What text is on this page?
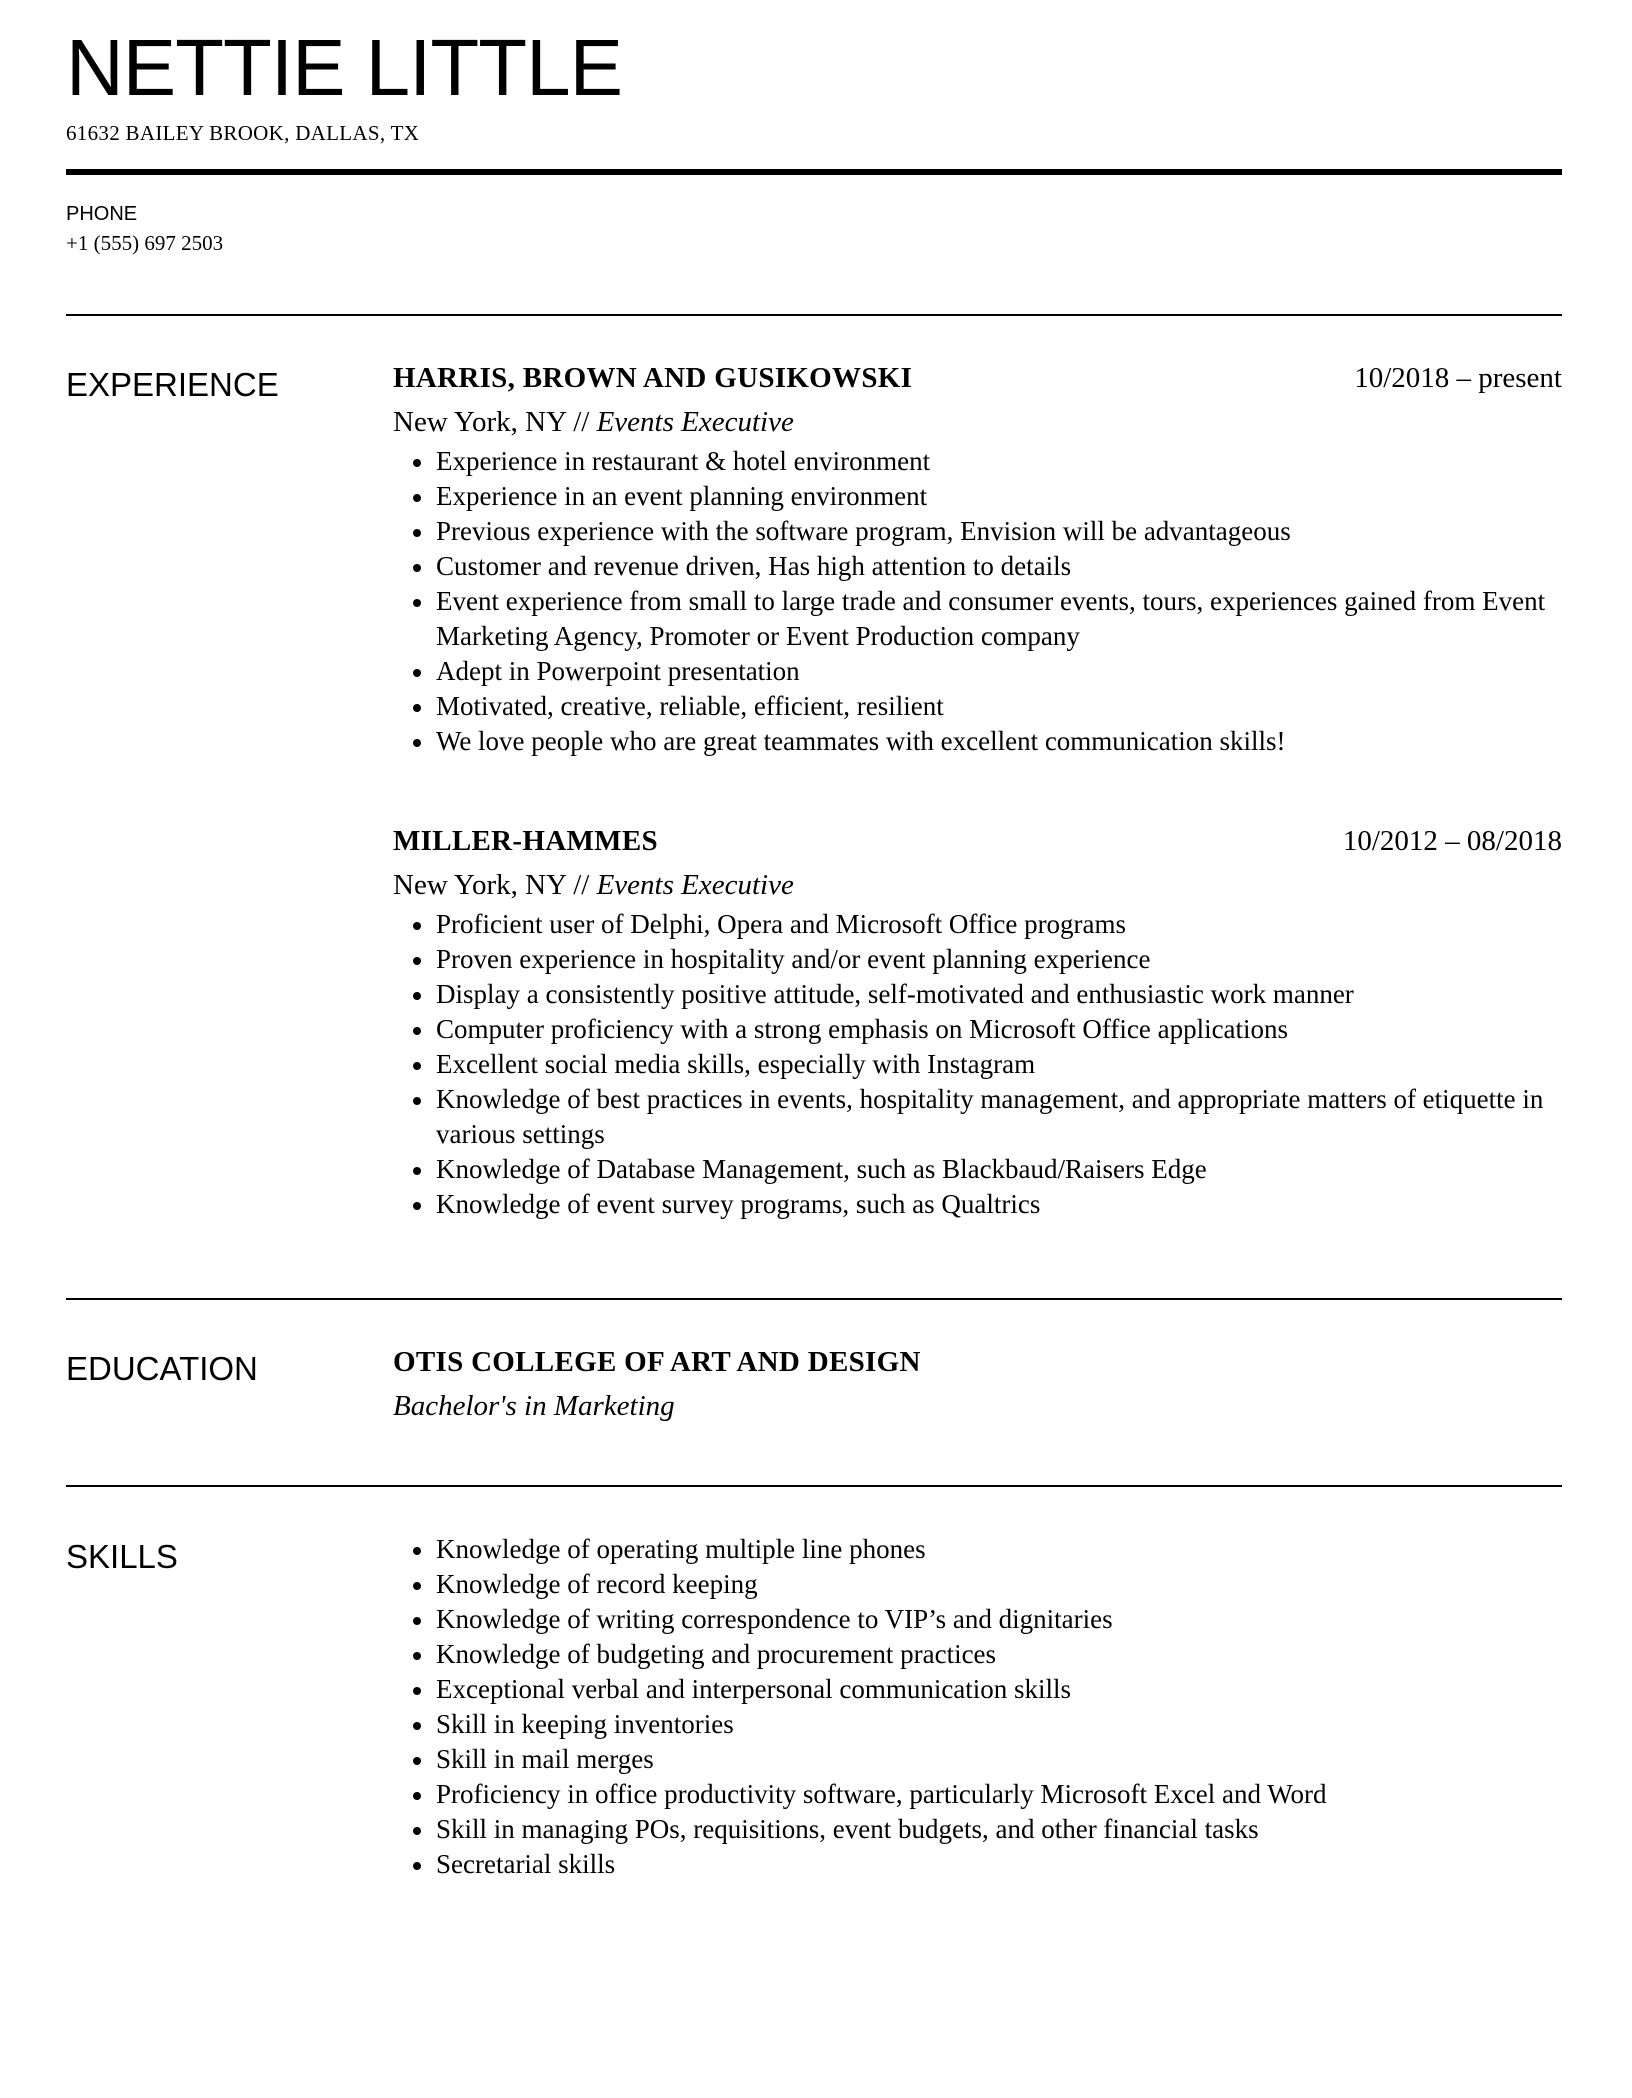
NETTIE LITTLE
61632 BAILEY BROOK, DALLAS, TX
PHONE
+1 (555) 697 2503
EXPERIENCE	HARRIS, BROWN AND GUSIKOWSKI	10/2018 – present
New York, NY // Events Executive
Experience in restaurant & hotel environment
Experience in an event planning environment
Previous experience with the software program, Envision will be advantageous
Customer and revenue driven, Has high attention to details
Event experience from small to large trade and consumer events, tours, experiences gained from Event Marketing Agency, Promoter or Event Production company
Adept in Powerpoint presentation
Motivated, creative, reliable, efficient, resilient
We love people who are great teammates with excellent communication skills!
MILLER-HAMMES	10/2012 – 08/2018
New York, NY // Events Executive
Proficient user of Delphi, Opera and Microsoft Office programs
Proven experience in hospitality and/or event planning experience
Display a consistently positive attitude, self-motivated and enthusiastic work manner
Computer proficiency with a strong emphasis on Microsoft Office applications
Excellent social media skills, especially with Instagram
Knowledge of best practices in events, hospitality management, and appropriate matters of etiquette in various settings
Knowledge of Database Management, such as Blackbaud/Raisers Edge
Knowledge of event survey programs, such as Qualtrics
EDUCATION	OTIS COLLEGE OF ART AND DESIGN
Bachelor's in Marketing
SKILLS	Knowledge of operating multiple line phones
Knowledge of record keeping
Knowledge of writing correspondence to VIP’s and dignitaries
Knowledge of budgeting and procurement practices
Exceptional verbal and interpersonal communication skills
Skill in keeping inventories
Skill in mail merges
Proficiency in office productivity software, particularly Microsoft Excel and Word
Skill in managing POs, requisitions, event budgets, and other financial tasks
Secretarial skills
